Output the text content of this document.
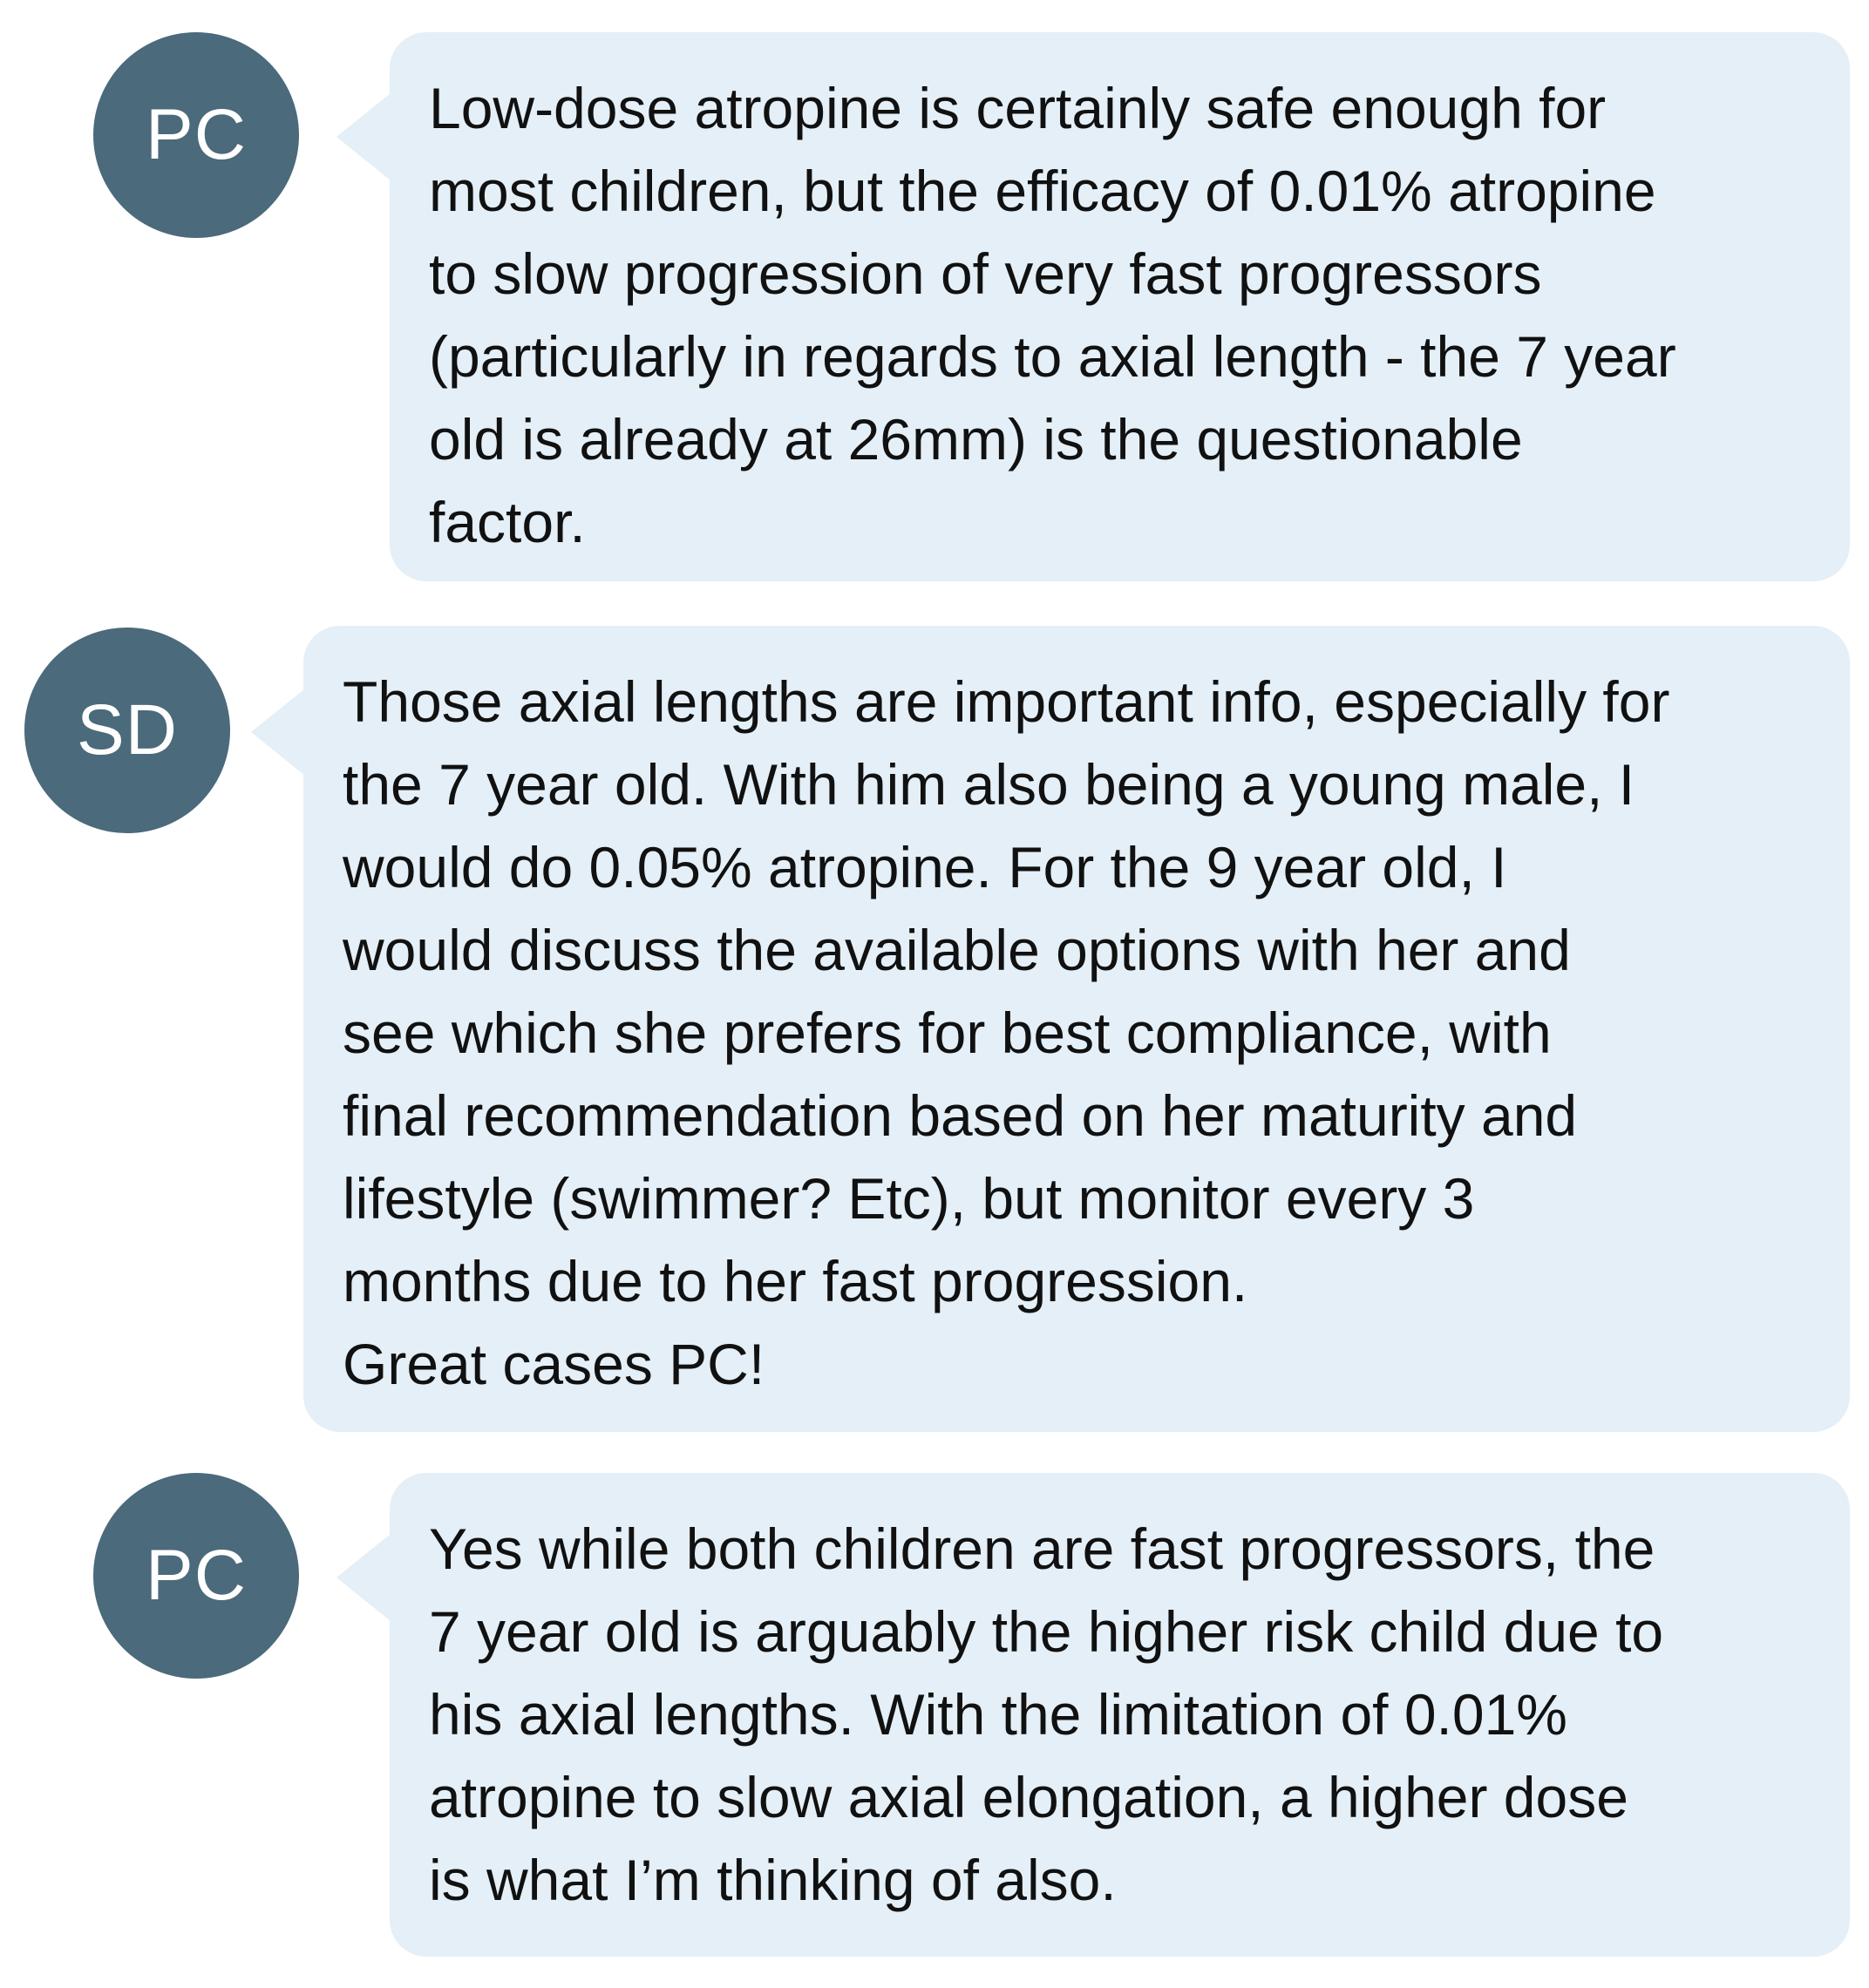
PC	Low-dose atropine is certainly safe enough for
most children, but the efficacy of 0.01% atropine
to slow progression of very fast progressors
(particularly in regards to axial length - the 7 year
old is already at 26mm) is the questionable
factor.
SD	Those axial lengths are important info, especially for
the 7 year old. With him also being a young male, I
would do 0.05% atropine. For the 9 year old, I
would discuss the available options with her and
see which she prefers for best compliance, with
final recommendation based on her maturity and
lifestyle (swimmer? Etc), but monitor every 3
months due to her fast progression.
Great cases PC!
PC	Yes while both children are fast progressors, the
7 year old is arguably the higher risk child due to
his axial lengths. With the limitation of 0.01%
atropine to slow axial elongation, a higher dose
is what I’m thinking of also.
